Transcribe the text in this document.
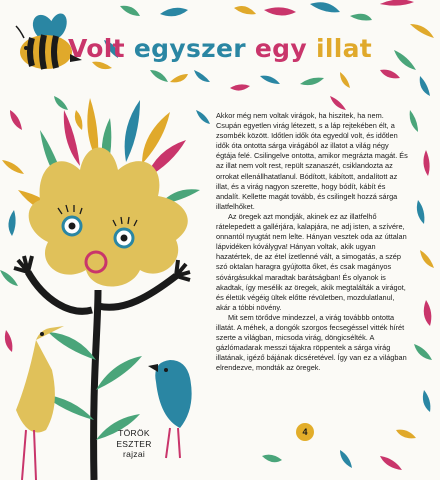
Volt egyszer egy illat

Akkor még nem voltak virágok, ha hiszitek, ha nem. Csupán egyetlen virág létezett, s a láp rejtekében élt, a zsombék között. Időtlen idők óta egyedül volt, és időtlen idők óta ontotta sárga virágából az illatot a világ négy égtája felé. Csilingelve ontotta, amikor megrázta magát. És az illat nem volt rest, repült szanaszét, csiklandozta az orrokat ellenállhatatlanul. Bódított, kábított, andalított az illat, és a virág nagyon szerette, hogy bódít, kábít és andalít. Kellette magát tovább, és csilingelt hozzá sárga illatfelhőket.

Az öregek azt mondják, akinek ez az illatfelhő rátelepedett a gallérjára, kalapjára, ne adj isten, a szívére, onnantól nyugtát nem lelte. Hányan vesztek oda az úttalan lápvidéken kóválygva! Hányan voltak, akik ugyan hazatértek, de az étel ízetlenné vált, a simogatás, a szép szó oktalan haragra gyújtotta őket, és csak magányos sóvárgásukkal maradtak barátságban! És olyanok is akadtak, így mesélik az öregek, akik megtalálták a virágot, és életük végéig ültek előtte révületben, mozdulatlanul, akár a tóbbi növény.

Mit sem törődve mindezzel, a virág továbbb ontotta illatát. A méhek, a dongók szorgos fecsegéssel vitték hírét szerte a világban, micsoda virág, döngicsélték. A gázlómadarak messzi tájakra röppentek a sárga virág illatának, igéző bájának dicséretével. Így van ez a világban elrendezve, mondták az öregek.

TÖRÖK
ESZTER
rajzai
4
